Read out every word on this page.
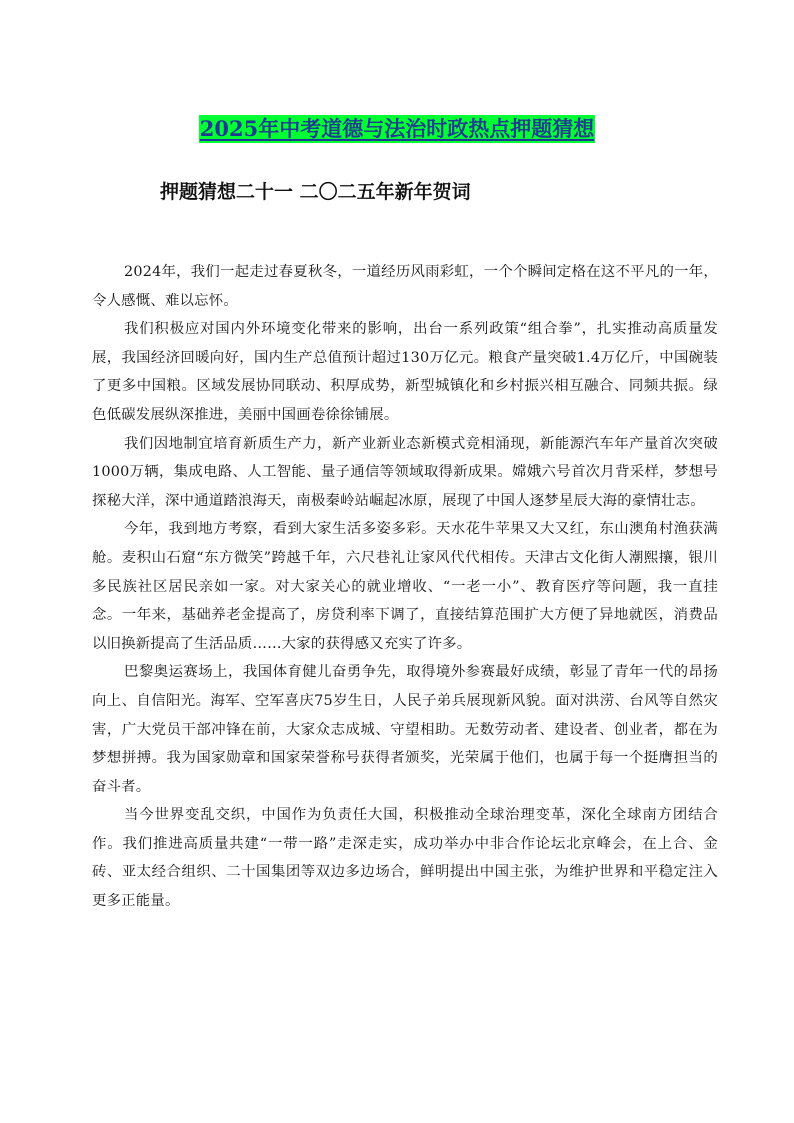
2025年中考道德与法治时政热点押题猜想
押题猜想二十一 二〇二五年新年贺词

2024年，我们一起走过春夏秋冬，一道经历风雨彩虹，一个个瞬间定格在这不平凡的一年，令人感慨、难以忘怀。

我们积极应对国内外环境变化带来的影响，出台一系列政策“组合拳”，扎实推动高质量发展，我国经济回暖向好，国内生产总值预计超过130万亿元。粮食产量突破1.4万亿斤，中国碗装了更多中国粮。区域发展协同联动、积厚成势，新型城镇化和乡村振兴相互融合、同频共振。绿色低碳发展纵深推进，美丽中国画卷徐徐铺展。

我们因地制宜培育新质生产力，新产业新业态新模式竞相涌现，新能源汽车年产量首次突破1000万辆，集成电路、人工智能、量子通信等领域取得新成果。嫦娥六号首次月背采样，梦想号探秘大洋，深中通道踏浪海天，南极秦岭站崛起冰原，展现了中国人逐梦星辰大海的豪情壮志。

今年，我到地方考察，看到大家生活多姿多彩。天水花牛苹果又大又红，东山澳角村渔获满舱。麦积山石窟“东方微笑”跨越千年，六尺巷礼让家风代代相传。天津古文化街人潮熙攘，银川多民族社区居民亲如一家。对大家关心的就业增收、“一老一小”、教育医疗等问题，我一直挂念。一年来，基础养老金提高了，房贷利率下调了，直接结算范围扩大方便了异地就医，消费品以旧换新提高了生活品质……大家的获得感又充实了许多。

巴黎奥运赛场上，我国体育健儿奋勇争先，取得境外参赛最好成绩，彰显了青年一代的昂扬向上、自信阳光。海军、空军喜庆75岁生日，人民子弟兵展现新风貌。面对洪涝、台风等自然灾害，广大党员干部冲锋在前，大家众志成城、守望相助。无数劳动者、建设者、创业者，都在为梦想拼搏。我为国家勋章和国家荣誉称号获得者颁奖，光荣属于他们，也属于每一个挺膺担当的奋斗者。

当今世界变乱交织，中国作为负责任大国，积极推动全球治理变革，深化全球南方团结合作。我们推进高质量共建“一带一路”走深走实，成功举办中非合作论坛北京峰会，在上合、金砖、亚太经合组织、二十国集团等双边多边场合，鲜明提出中国主张，为维护世界和平稳定注入更多正能量。
